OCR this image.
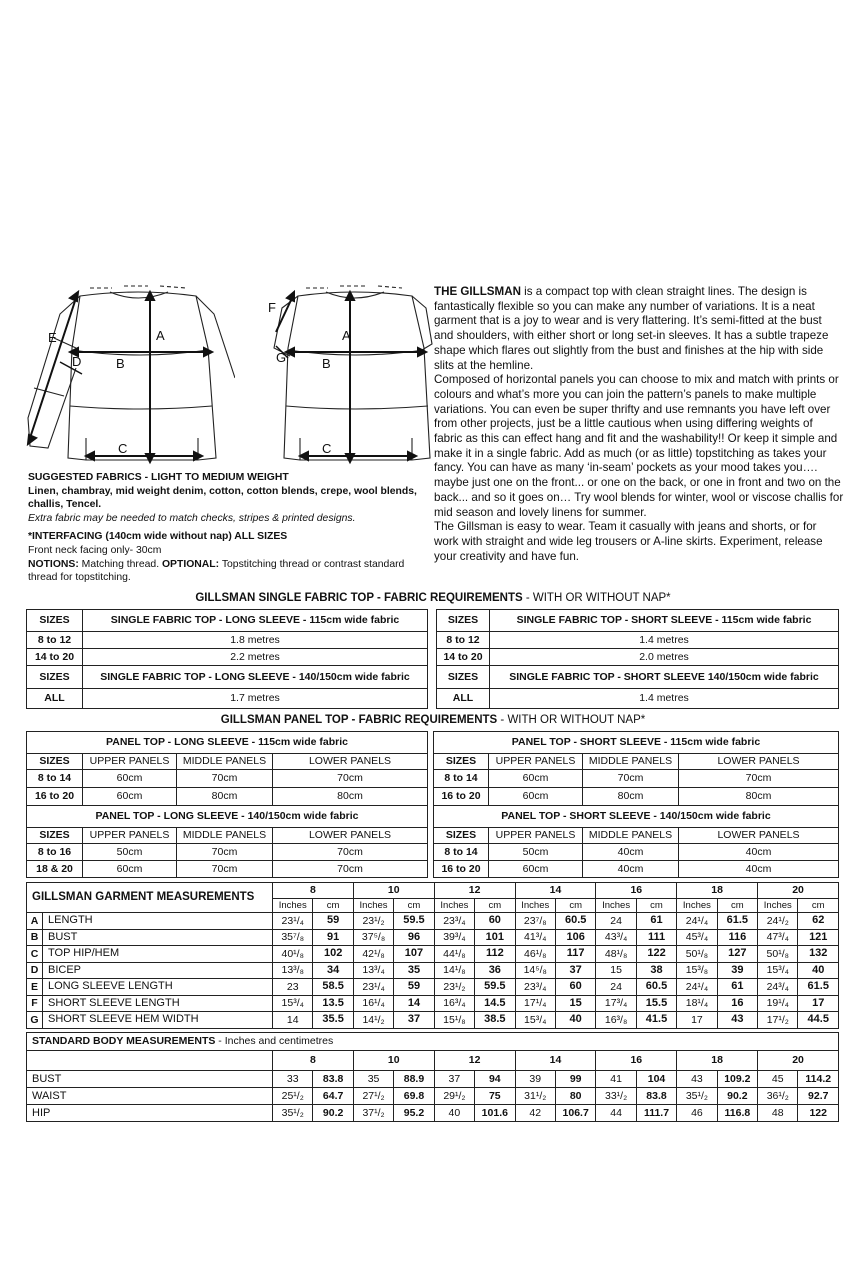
A
B
C
D
E	A
B
C
F
G

THE GILLSMAN is a compact top with clean straight lines. The design is fantastically flexible so you can make any number of variations. It is a neat garment that is a joy to wear and is very flattering. It’s semi-fitted at the bust and shoulders, with either short or long set-in sleeves. It has a subtle trapeze shape which flares out slightly from the bust and finishes at the hip with side slits at the hemline.

Composed of horizontal panels you can choose to mix and match with prints or colours and what’s more you can join the pattern’s panels to make multiple variations. You can even be super thrifty and use remnants you have left over from other projects, just be a little cautious when using differing weights of fabric as this can effect hang and fit and the washability!! Or keep it simple and make it in a single fabric. Add as much (or as little) topstitching as takes your fancy. You can have as many ‘in-seam’ pockets as your mood takes you…. maybe just one on the front... or one on the back, or one in front and two on the back... and so it goes on… Try wool blends for winter, wool or viscose challis for mid season and lovely linens for summer.

The Gillsman is easy to wear. Team it casually with jeans and shorts, or for work with straight and wide leg trousers or A-line skirts. Experiment, release your creativity and have fun.

SUGGESTED FABRICS - LIGHT TO MEDIUM WEIGHT

Linen, chambray, mid weight denim, cotton, cotton blends, crepe, wool blends, challis, Tencel.

Extra fabric may be needed to match checks, stripes & printed designs.

*INTERFACING (140cm wide without nap) ALL SIZES

Front neck facing only- 30cm

NOTIONS: Matching thread. OPTIONAL: Topstitching thread or contrast standard thread for topstitching.

GILLSMAN SINGLE FABRIC TOP - FABRIC REQUIREMENTS - WITH OR WITHOUT NAP*
SIZES	SINGLE FABRIC TOP - LONG SLEEVE - 115cm wide fabric
8 to 12	1.8 metres
14 to 20	2.2 metres
SIZES	SINGLE FABRIC TOP - LONG SLEEVE - 140/150cm wide fabric
ALL	1.7 metres
SIZES	SINGLE FABRIC TOP - SHORT SLEEVE - 115cm wide fabric
8 to 12	1.4 metres
14 to 20	2.0 metres
SIZES	SINGLE FABRIC TOP - SHORT SLEEVE 140/150cm wide fabric
ALL	1.4 metres
GILLSMAN PANEL TOP - FABRIC REQUIREMENTS - WITH OR WITHOUT NAP*
PANEL TOP - LONG SLEEVE - 115cm wide fabric			
SIZES	UPPER PANELS	MIDDLE PANELS	LOWER PANELS
8 to 14	60cm	70cm	70cm
16 to 20	60cm	80cm	80cm
PANEL TOP - LONG SLEEVE - 140/150cm wide fabric			
SIZES	UPPER PANELS	MIDDLE PANELS	LOWER PANELS
8 to 16	50cm	70cm	70cm
18 & 20	60cm	70cm	70cm
PANEL TOP - SHORT SLEEVE - 115cm wide fabric			
SIZES	UPPER PANELS	MIDDLE PANELS	LOWER PANELS
8 to 14	60cm	70cm	70cm
16 to 20	60cm	80cm	80cm
PANEL TOP - SHORT SLEEVE - 140/150cm wide fabric			
SIZES	UPPER PANELS	MIDDLE PANELS	LOWER PANELS
8 to 14	50cm	40cm	40cm
16 to 20	60cm	40cm	40cm
GILLSMAN GARMENT MEASUREMENTS		8		10		12		14		16		18		20	
		Inches	cm	Inches	cm	Inches	cm	Inches	cm	Inches	cm	Inches	cm	Inches	cm
A	LENGTH	23¹/₄	59	23¹/₂	59.5	23³/₄	60	23⁷/₈	60.5	24	61	24¹/₄	61.5	24¹/₂	62
B	BUST	35⁷/₈	91	37⁵/₈	96	39³/₄	101	41³/₄	106	43³/₄	111	45³/₄	116	47³/₄	121
C	TOP HIP/HEM	40¹/₈	102	42¹/₈	107	44¹/₈	112	46¹/₈	117	48¹/₈	122	50¹/₈	127	50¹/₈	132
D	BICEP	13³/₈	34	13³/₄	35	14¹/₈	36	14⁵/₈	37	15	38	15³/₈	39	15³/₄	40
E	LONG SLEEVE LENGTH	23	58.5	23¹/₄	59	23¹/₂	59.5	23³/₄	60	24	60.5	24¹/₄	61	24³/₄	61.5
F	SHORT SLEEVE LENGTH	15³/₄	13.5	16¹/₄	14	16³/₄	14.5	17¹/₄	15	17³/₄	15.5	18¹/₄	16	19¹/₄	17
G	SHORT SLEEVE HEM WIDTH	14	35.5	14¹/₂	37	15¹/₈	38.5	15³/₄	40	16³/₈	41.5	17	43	17¹/₂	44.5
STANDARD BODY MEASUREMENTS - Inches and centimetres														
	8		10		12		14		16		18		20	
BUST	33	83.8	35	88.9	37	94	39	99	41	104	43	109.2	45	114.2
WAIST	25¹/₂	64.7	27¹/₂	69.8	29¹/₂	75	31¹/₂	80	33¹/₂	83.8	35¹/₂	90.2	36¹/₂	92.7
HIP	35¹/₂	90.2	37¹/₂	95.2	40	101.6	42	106.7	44	111.7	46	116.8	48	122
